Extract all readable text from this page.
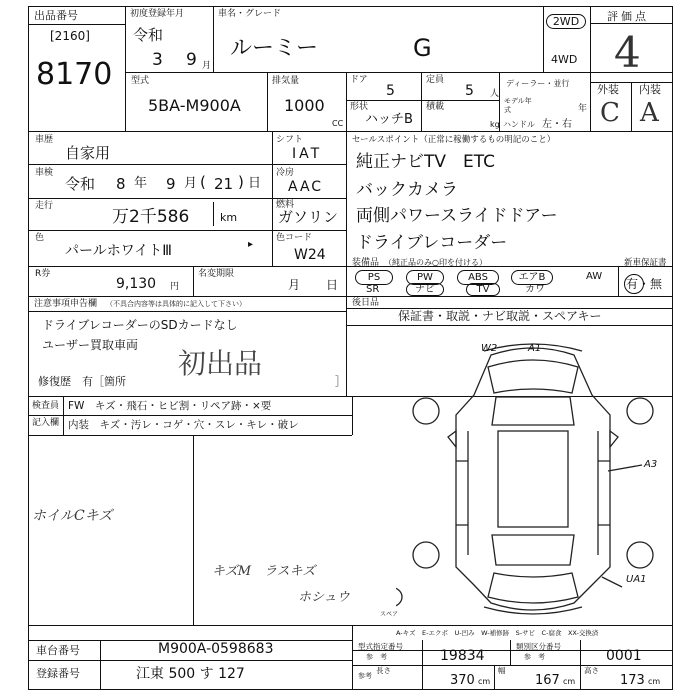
出品番号
[2160]
8170
初度登録年月
令和
3 9 月
車名・グレード
ルーミー	G
2WD
4WD
評価点
4
外装 内装
C A
型式
5BA-M900A
排気量
1000
CC
ドア
5
定員
5 人
形状
ハッチB
積載
kg
ディーラー・並行
モデル年式	年
ハンドル 左・右
車歴
自家用
シフト
IAT
車検
令和 8 年 9 月 ( 21 ) 日
冷房
AAC
走行
万2千586	km
燃料
ガソリン
色
パールホワイトⅢ
色コード
W24
▸
R券
9,130 円
名変期限
月 日
セールスポイント（正常に稼働するもの明記のこと）
純正ナビTV　ETC
バックカメラ
両側パワースライドドアー
ドライブレコーダー
装備品 （純正品のみ○印を付ける）
PS	PW	ABS	エアB	AW
SR	ナビ	TV	カワ
新車保証書
有・無
注意事項申告欄 （不具合内容等は具体的に記入して下さい）
ドライブレコーダーのSDカードなし
ユーザー買取車両
初出品
修復歴　有［箇所	］
後日品
保証書・取説・ナビ取説・スペアキー
検査員
記入欄
FW　キズ・飛石・ヒビ割・リペア跡・×要
内装　キズ・汚レ・コゲ・穴・スレ・キレ・破レ
ホイルCキズ
キズM　ラスキズ
ホシュウ
W2	A1
A3
UA1
スペア
A-キズ　E-エクボ　U-凹み　W-補修跡　S-サビ　C-腐食　XX-交換済
車台番号	M900A-0598683
登録番号	江東 500 す 127
型式指定番号
参　考	19834
類別区分番号
参　考	0001
参考
長さ
370 cm
幅
167 cm
高さ
173 cm
